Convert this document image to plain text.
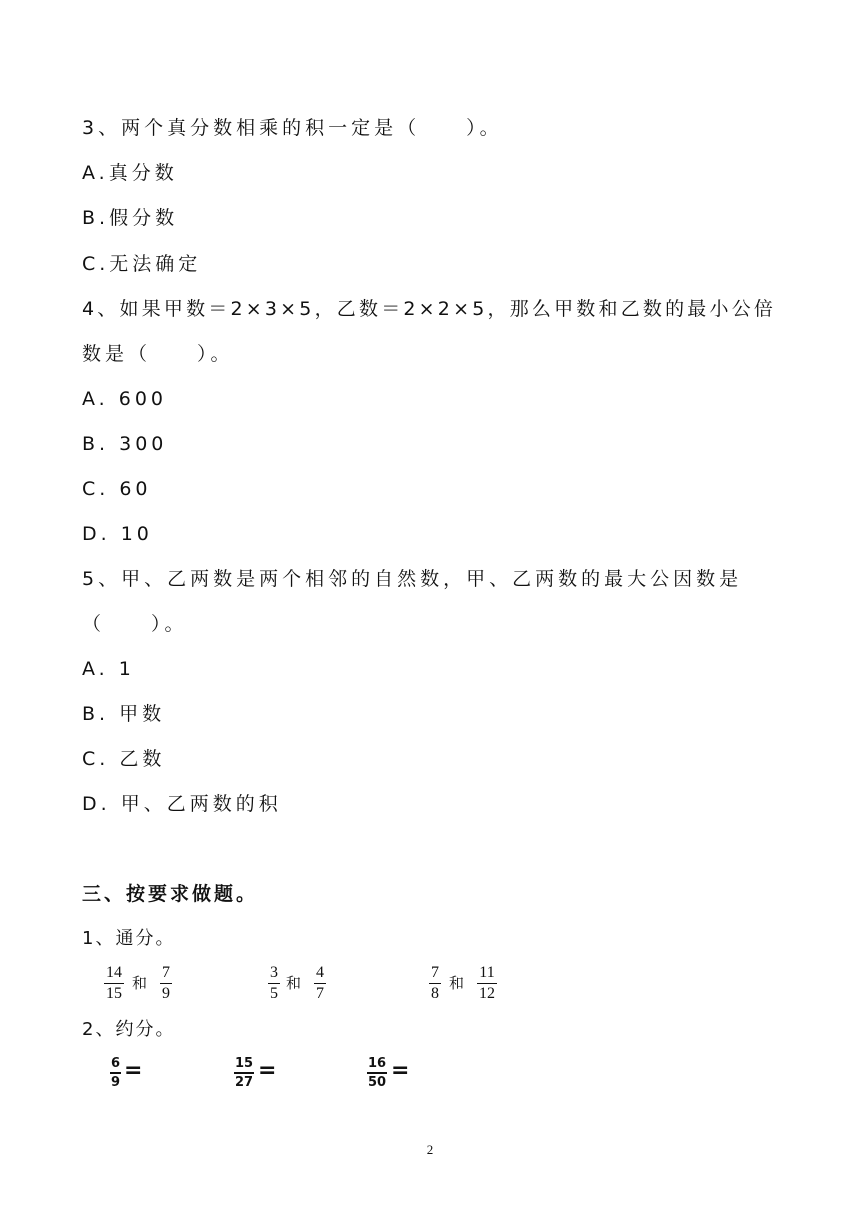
3、两个真分数相乘的积一定是（　　）。
A.真分数
B.假分数
C.无法确定
4、如果甲数＝2×3×5，乙数＝2×2×5，那么甲数和乙数的最小公倍
数是（　　）。
A. 600
B. 300
C. 60
D. 10
5、甲、乙两数是两个相邻的自然数，甲、乙两数的最大公因数是
（　　）。
A. 1
B. 甲数
C. 乙数
D. 甲、乙两数的积
三、按要求做题。
1、通分。
$\frac{14}{15}$ 和 $\frac{7}{9}$	$\frac{3}{5}$ 和 $\frac{4}{7}$	$\frac{7}{8}$ 和 $\frac{11}{12}$
2、约分。
$\frac{6}{9}$ =	$\frac{15}{27}$ =	$\frac{16}{50}$ =
2
